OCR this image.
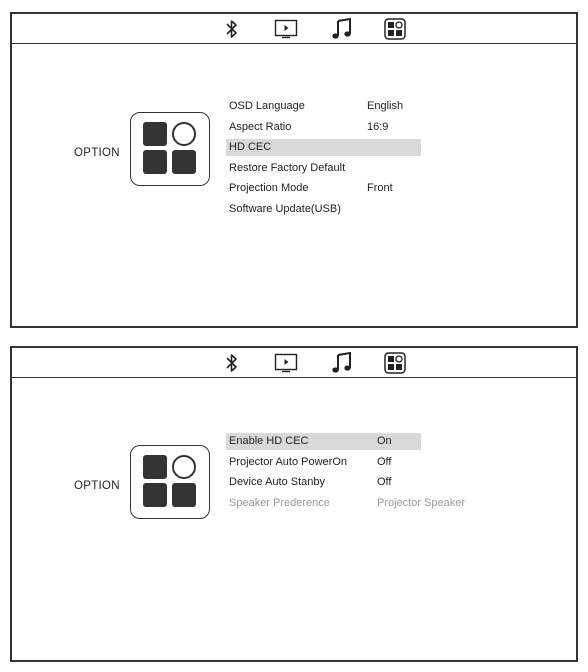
OPTION
OSD Language	English
Aspect Ratio	16:9
HD CEC
Restore Factory Default
Projection Mode	Front
Software Update(USB)
OPTION
Enable HD CEC	On
Projector Auto PowerOn	Off
Device Auto Stanby	Off
Speaker Prederence	Projector Speaker
